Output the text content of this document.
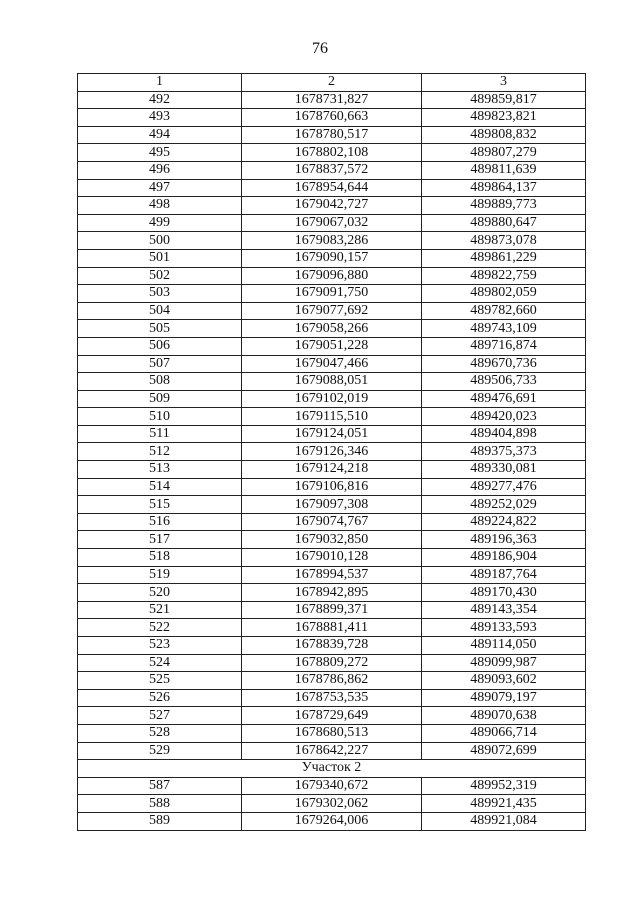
76
1	2	3
492	1678731,827	489859,817
493	1678760,663	489823,821
494	1678780,517	489808,832
495	1678802,108	489807,279
496	1678837,572	489811,639
497	1678954,644	489864,137
498	1679042,727	489889,773
499	1679067,032	489880,647
500	1679083,286	489873,078
501	1679090,157	489861,229
502	1679096,880	489822,759
503	1679091,750	489802,059
504	1679077,692	489782,660
505	1679058,266	489743,109
506	1679051,228	489716,874
507	1679047,466	489670,736
508	1679088,051	489506,733
509	1679102,019	489476,691
510	1679115,510	489420,023
511	1679124,051	489404,898
512	1679126,346	489375,373
513	1679124,218	489330,081
514	1679106,816	489277,476
515	1679097,308	489252,029
516	1679074,767	489224,822
517	1679032,850	489196,363
518	1679010,128	489186,904
519	1678994,537	489187,764
520	1678942,895	489170,430
521	1678899,371	489143,354
522	1678881,411	489133,593
523	1678839,728	489114,050
524	1678809,272	489099,987
525	1678786,862	489093,602
526	1678753,535	489079,197
527	1678729,649	489070,638
528	1678680,513	489066,714
529	1678642,227	489072,699
Участок 2		
587	1679340,672	489952,319
588	1679302,062	489921,435
589	1679264,006	489921,084
